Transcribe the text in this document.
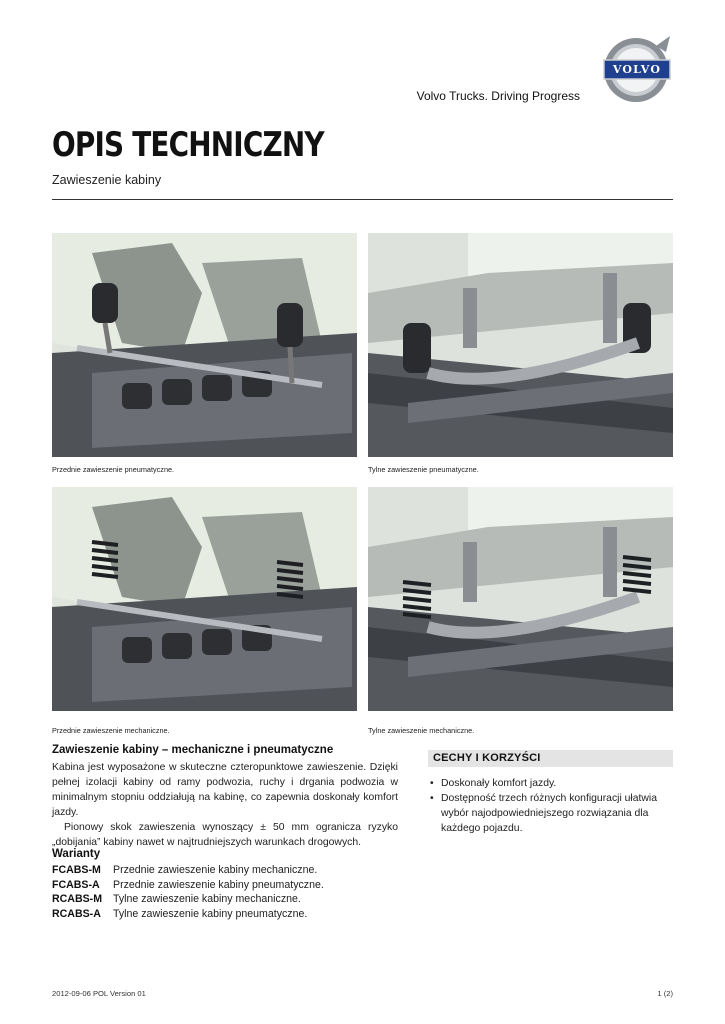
VOLVO
Volvo Trucks. Driving Progress
OPIS TECHNICZNY
Zawieszenie kabiny
Przednie zawieszenie pneumatyczne.	Tylne zawieszenie pneumatyczne.
Przednie zawieszenie mechaniczne.	Tylne zawieszenie mechaniczne.
Zawieszenie kabiny – mechaniczne i pneumatyczne

Kabina jest wyposażone w skuteczne czteropunktowe zawieszenie. Dzięki pełnej izolacji kabiny od ramy podwozia, ruchy i drgania podwozia w minimalnym stopniu oddziałują na kabinę, co zapewnia doskonały komfort jazdy.

Pionowy skok zawieszenia wynoszący ± 50 mm ogranicza ryzyko „dobijania” kabiny nawet w najtrudniejszych warunkach drogowych.

Warianty
FCABS-M	Przednie zawieszenie kabiny mechaniczne.
FCABS-A	Przednie zawieszenie kabiny pneumatyczne.
RCABS-M	Tylne zawieszenie kabiny mechaniczne.
RCABS-A	Tylne zawieszenie kabiny pneumatyczne.
CECHY I KORZYŚCI
• Doskonały komfort jazdy.
• Dostępność trzech różnych konfiguracji ułatwia wybór najodpowiedniejszego rozwiązania dla każdego pojazdu.
2012-09-06 POL Version 01	1 (2)
